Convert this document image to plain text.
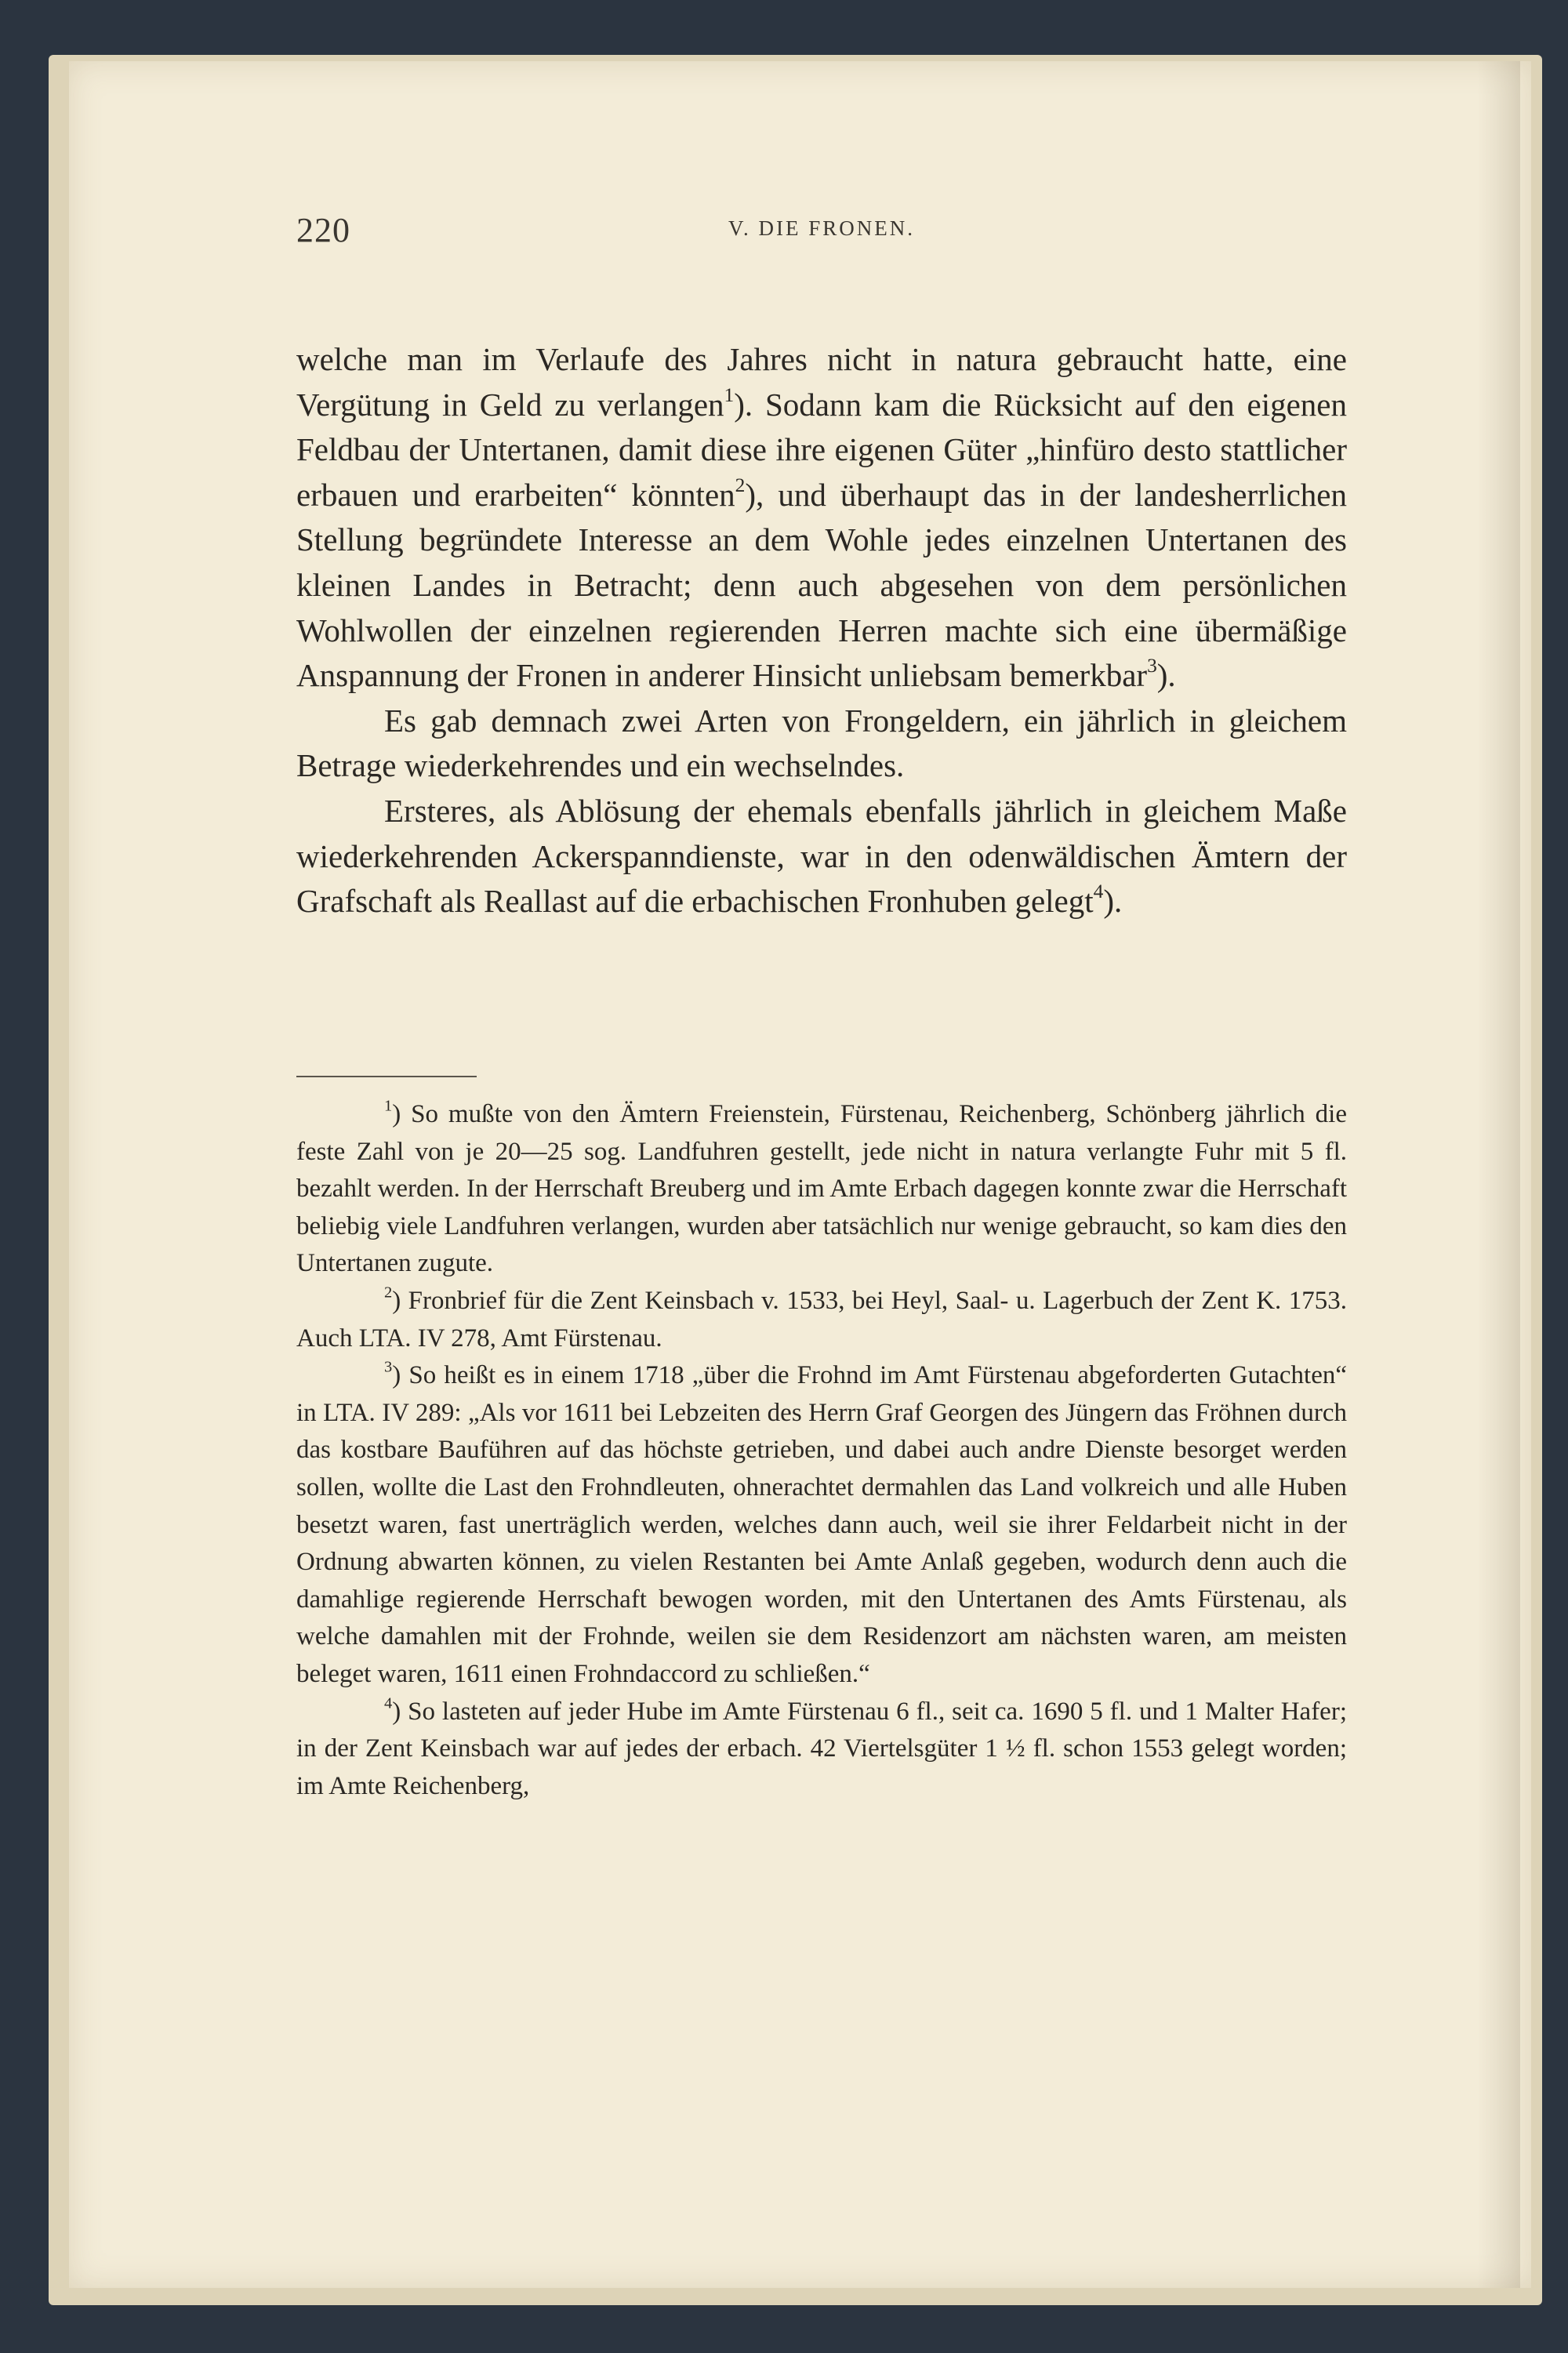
220	V. DIE FRONEN.

welche man im Verlaufe des Jahres nicht in natura gebraucht hatte, eine Vergütung in Geld zu verlangen$^1$). Sodann kam die Rücksicht auf den eigenen Feldbau der Untertanen, damit diese ihre eigenen Güter „hinfüro desto stattlicher erbauen und erarbeiten“ könnten$^2$), und überhaupt das in der landesherrlichen Stellung begründete Interesse an dem Wohle jedes einzelnen Untertanen des kleinen Landes in Betracht; denn auch abgesehen von dem persönlichen Wohlwollen der einzelnen regierenden Herren machte sich eine übermäßige Anspannung der Fronen in anderer Hinsicht unliebsam bemerkbar$^3$).

Es gab demnach zwei Arten von Frongeldern, ein jährlich in gleichem Betrage wiederkehrendes und ein wechselndes.

Ersteres, als Ablösung der ehemals ebenfalls jährlich in gleichem Maße wiederkehrenden Ackerspanndienste, war in den odenwäldischen Ämtern der Grafschaft als Reallast auf die erbachischen Fronhuben gelegt$^4$).

$^1$) So mußte von den Ämtern Freienstein, Fürstenau, Reichenberg, Schönberg jährlich die feste Zahl von je 20—25 sog. Landfuhren gestellt, jede nicht in natura verlangte Fuhr mit 5 fl. bezahlt werden. In der Herrschaft Breuberg und im Amte Erbach dagegen konnte zwar die Herrschaft beliebig viele Landfuhren verlangen, wurden aber tatsächlich nur wenige gebraucht, so kam dies den Untertanen zugute.

$^2$) Fronbrief für die Zent Keinsbach v. 1533, bei Heyl, Saal- u. Lagerbuch der Zent K. 1753. Auch LTA. IV 278, Amt Fürstenau.

$^3$) So heißt es in einem 1718 „über die Frohnd im Amt Fürstenau abgeforderten Gutachten“ in LTA. IV 289: „Als vor 1611 bei Lebzeiten des Herrn Graf Georgen des Jüngern das Fröhnen durch das kostbare Bauführen auf das höchste getrieben, und dabei auch andre Dienste besorget werden sollen, wollte die Last den Frohndleuten, ohnerachtet dermahlen das Land volkreich und alle Huben besetzt waren, fast unerträglich werden, welches dann auch, weil sie ihrer Feldarbeit nicht in der Ordnung abwarten können, zu vielen Restanten bei Amte Anlaß gegeben, wodurch denn auch die damahlige regierende Herrschaft bewogen worden, mit den Untertanen des Amts Fürstenau, als welche damahlen mit der Frohnde, weilen sie dem Residenzort am nächsten waren, am meisten beleget waren, 1611 einen Frohndaccord zu schließen.“

$^4$) So lasteten auf jeder Hube im Amte Fürstenau 6 fl., seit ca. 1690 5 fl. und 1 Malter Hafer; in der Zent Keinsbach war auf jedes der erbach. 42 Viertelsgüter 1 ½ fl. schon 1553 gelegt worden; im Amte Reichenberg,
